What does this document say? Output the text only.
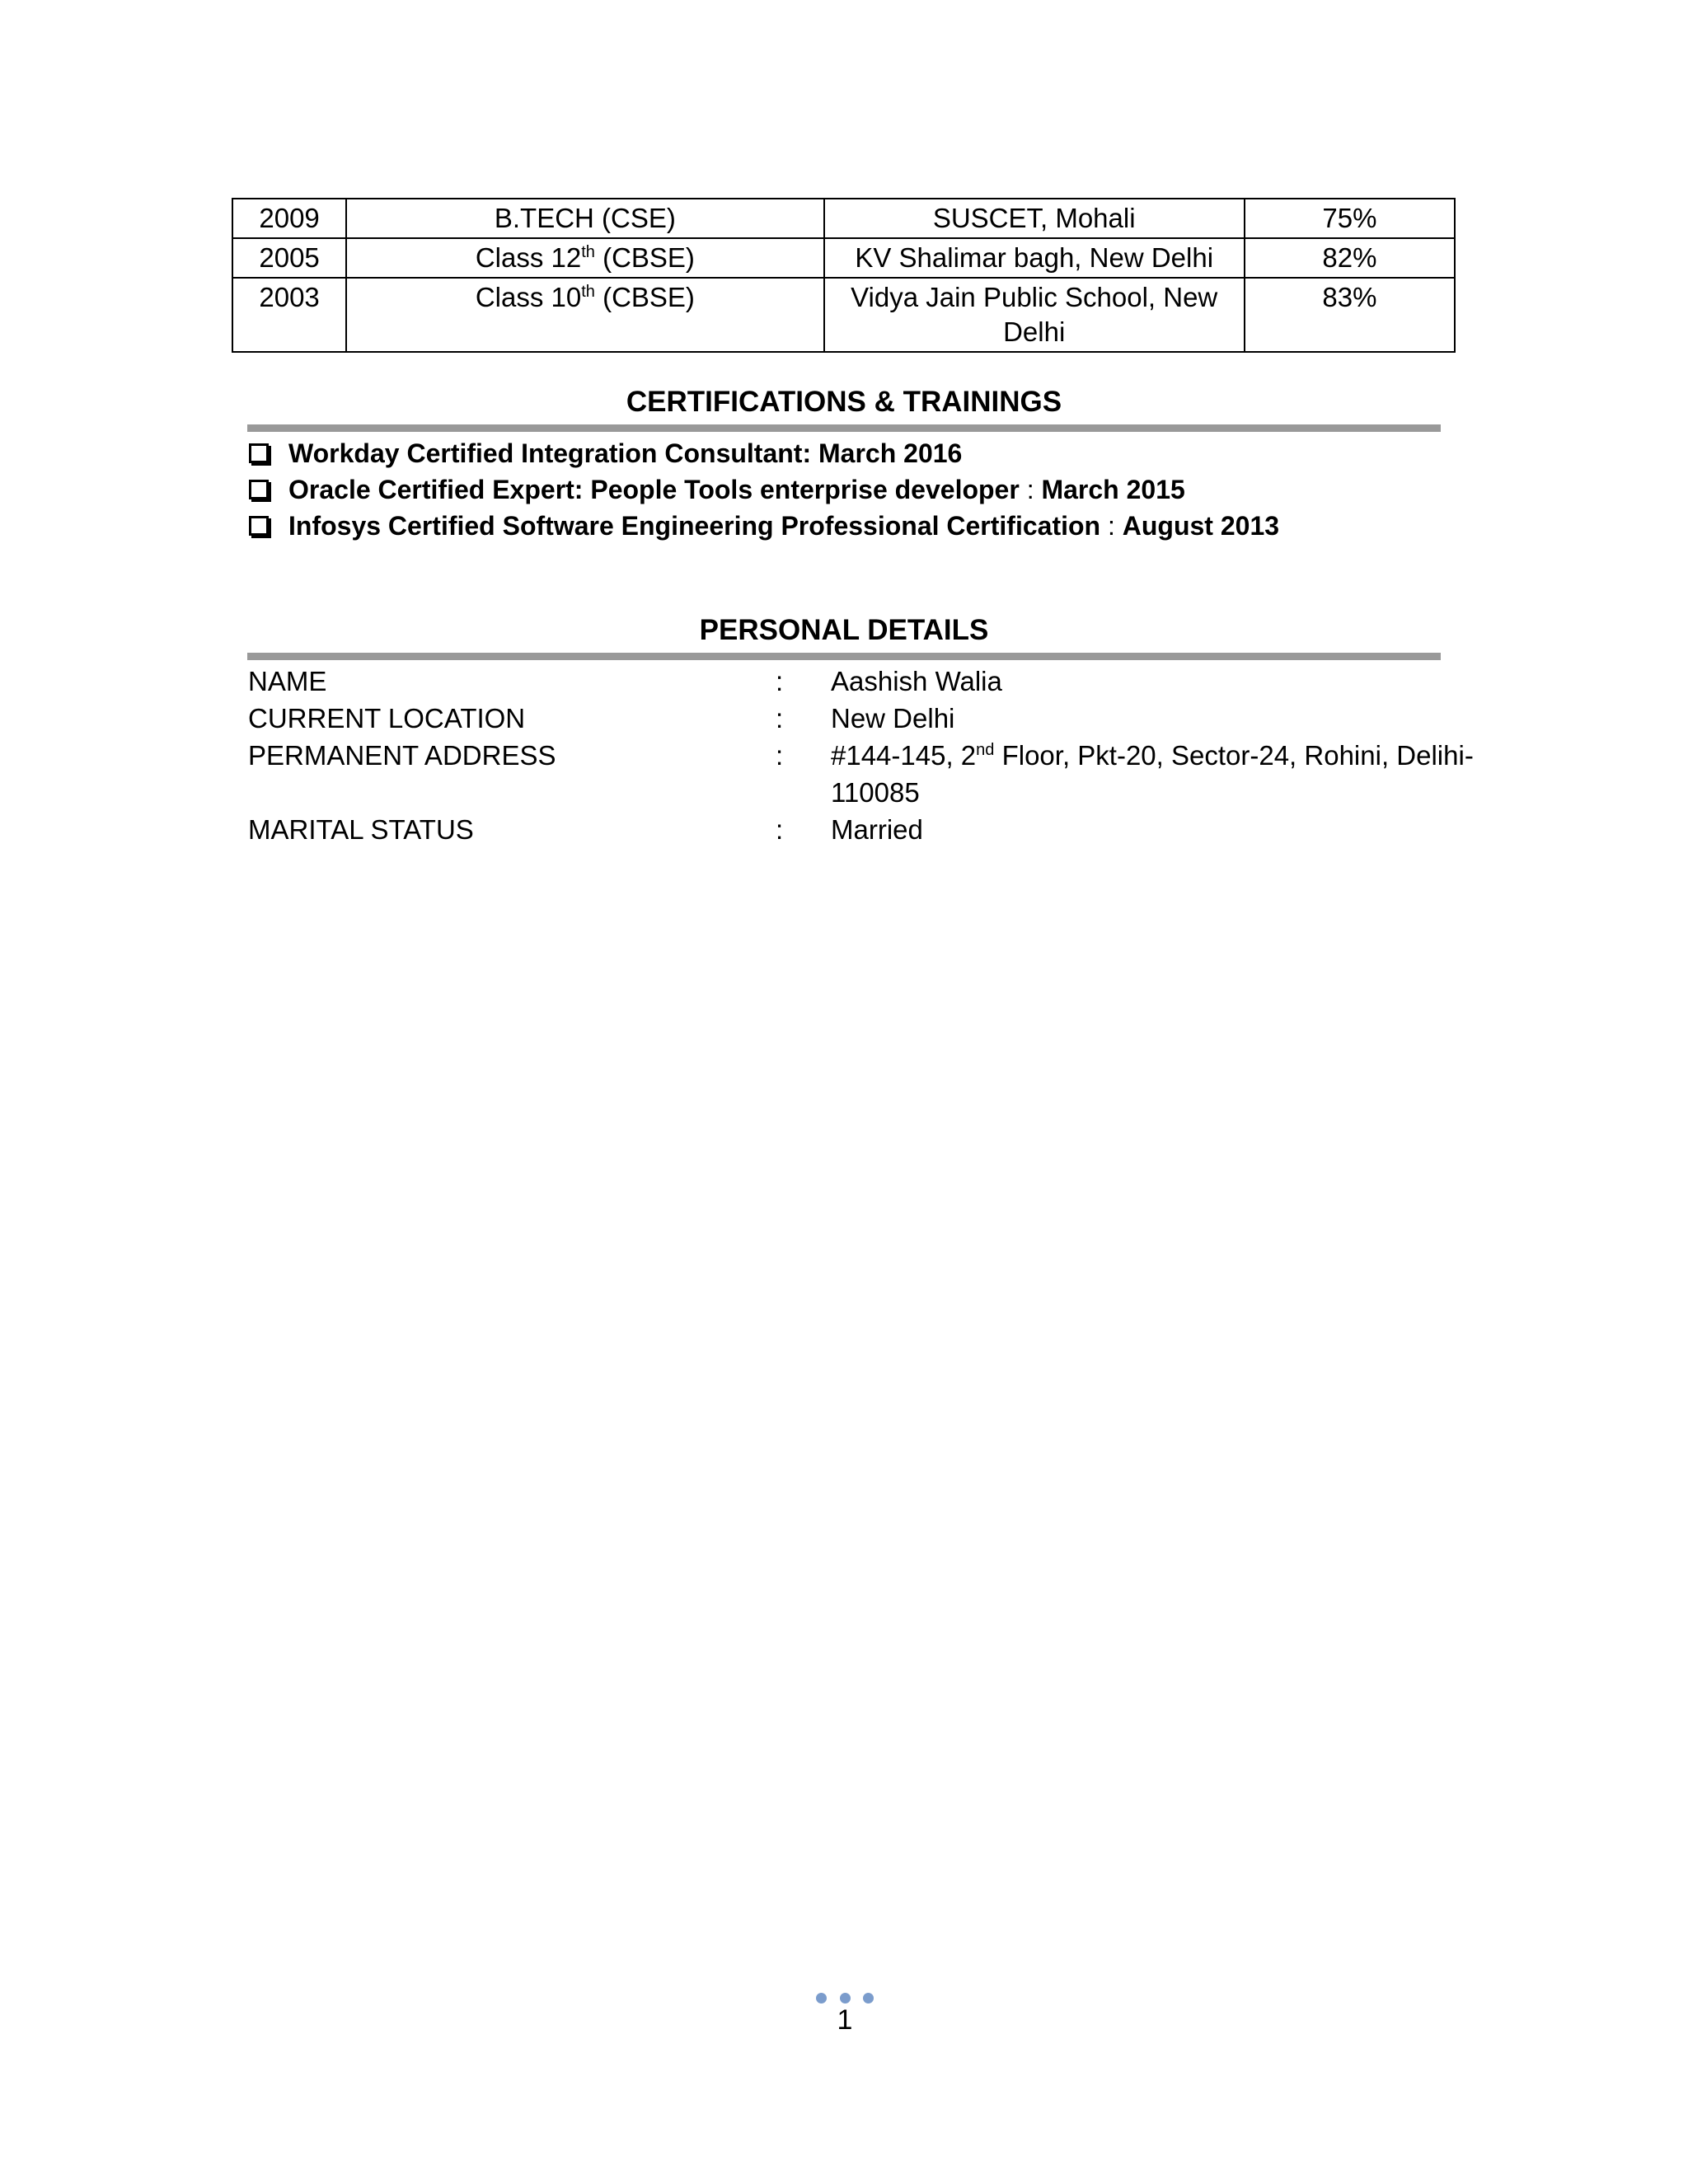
2009	B.TECH (CSE)	SUSCET, Mohali	75%
2005	Class 12th (CBSE)	KV Shalimar bagh, New Delhi	82%
2003	Class 10th (CBSE)	Vidya Jain Public School, New Delhi	83%
CERTIFICATIONS & TRAININGS
Workday Certified Integration Consultant: March 2016
Oracle Certified Expert: People Tools enterprise developer : March 2015
Infosys Certified Software Engineering Professional Certification : August 2013
PERSONAL DETAILS
NAME	:	Aashish Walia
CURRENT LOCATION	:	New Delhi
PERMANENT ADDRESS	:	#144-145, 2nd Floor, Pkt-20, Sector-24, Rohini, Delihi-110085
MARITAL STATUS	:	Married
1
